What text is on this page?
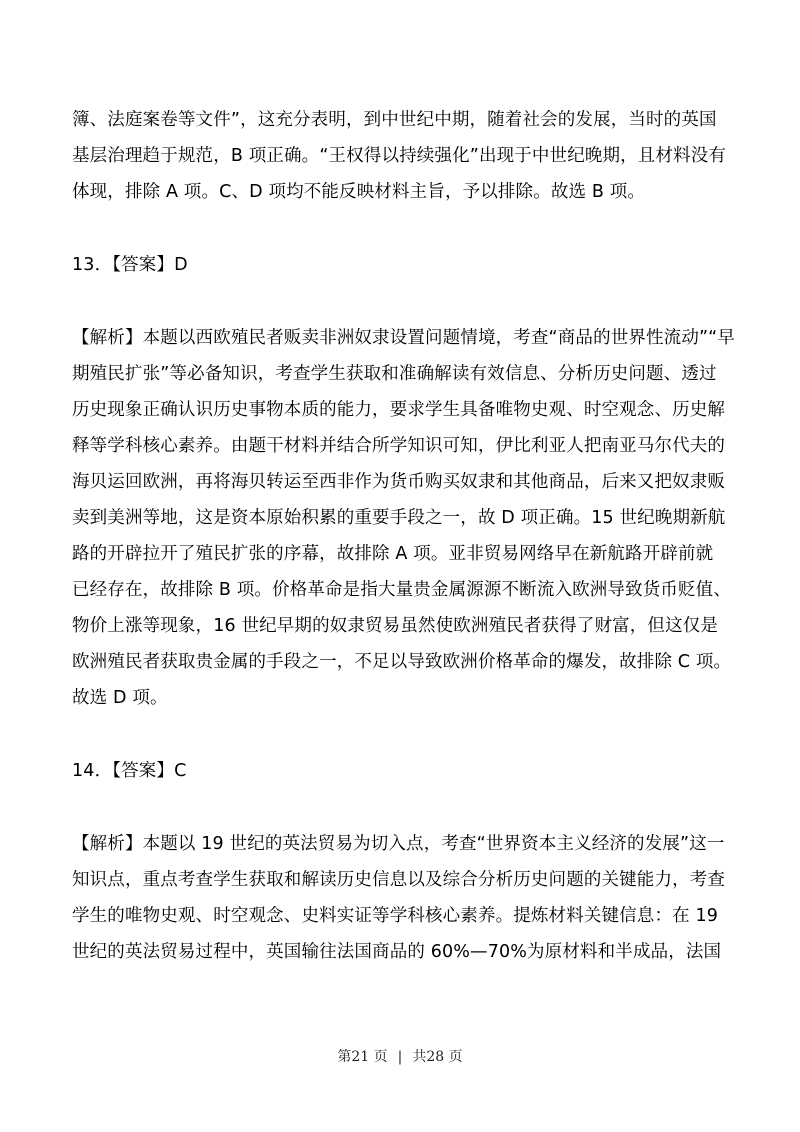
簿、法庭案卷等文件”，这充分表明，到中世纪中期，随着社会的发展，当时的英国
基层治理趋于规范，B 项正确。“王权得以持续强化”出现于中世纪晚期，且材料没有
体现，排除 A 项。C、D 项均不能反映材料主旨，予以排除。故选 B 项。
13．【答案】D
【解析】本题以西欧殖民者贩卖非洲奴隶设置问题情境，考查“商品的世界性流动”“早
期殖民扩张”等必备知识，考查学生获取和准确解读有效信息、分析历史问题、透过
历史现象正确认识历史事物本质的能力，要求学生具备唯物史观、时空观念、历史解
释等学科核心素养。由题干材料并结合所学知识可知，伊比利亚人把南亚马尔代夫的
海贝运回欧洲，再将海贝转运至西非作为货币购买奴隶和其他商品，后来又把奴隶贩
卖到美洲等地，这是资本原始积累的重要手段之一，故 D 项正确。15 世纪晚期新航
路的开辟拉开了殖民扩张的序幕，故排除 A 项。亚非贸易网络早在新航路开辟前就
已经存在，故排除 B 项。价格革命是指大量贵金属源源不断流入欧洲导致货币贬值、
物价上涨等现象，16 世纪早期的奴隶贸易虽然使欧洲殖民者获得了财富，但这仅是
欧洲殖民者获取贵金属的手段之一，不足以导致欧洲价格革命的爆发，故排除 C 项。
故选 D 项。
14．【答案】C
【解析】本题以 19 世纪的英法贸易为切入点，考查“世界资本主义经济的发展”这一
知识点，重点考查学生获取和解读历史信息以及综合分析历史问题的关键能力，考查
学生的唯物史观、时空观念、史料实证等学科核心素养。提炼材料关键信息：在 19
世纪的英法贸易过程中，英国输往法国商品的 60%—70%为原材料和半成品，法国
第21 页 | 共28 页
